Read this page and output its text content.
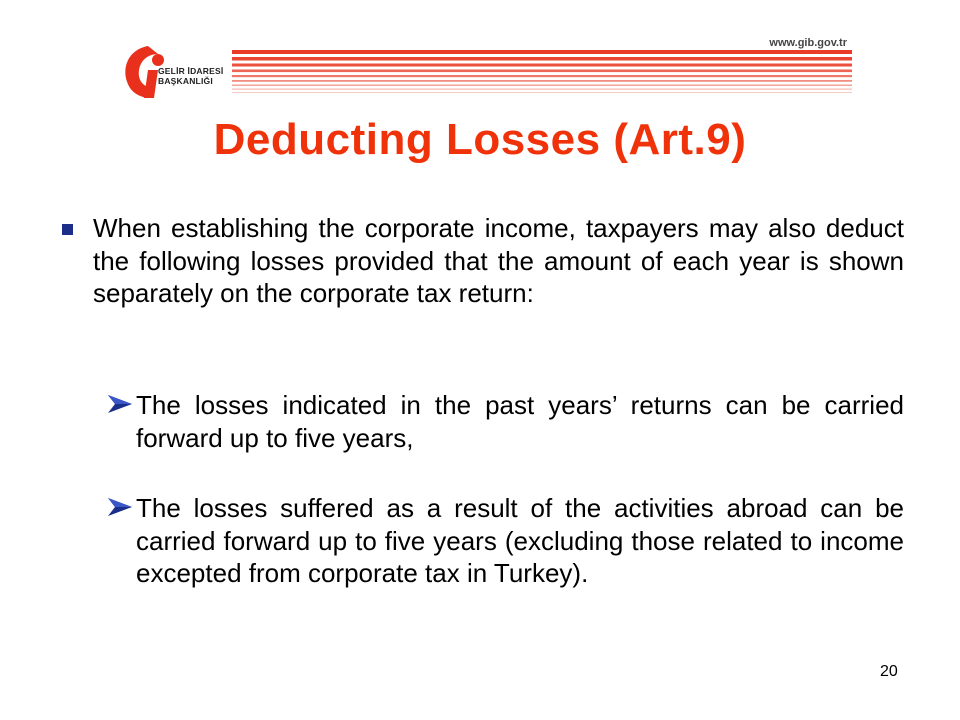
GELİR İDARESİ
BAŞKANLIĞI
www.gib.gov.tr
Deducting Losses (Art.9)
When establishing the corporate income, taxpayers may also deduct the following losses provided that the amount of each year is shown separately on the corporate tax return:
The losses indicated in the past years’ returns can be carried forward up to five years,
The losses suffered as a result of the activities abroad can be carried forward up to five years (excluding those related to income excepted from corporate tax in Turkey).
20
